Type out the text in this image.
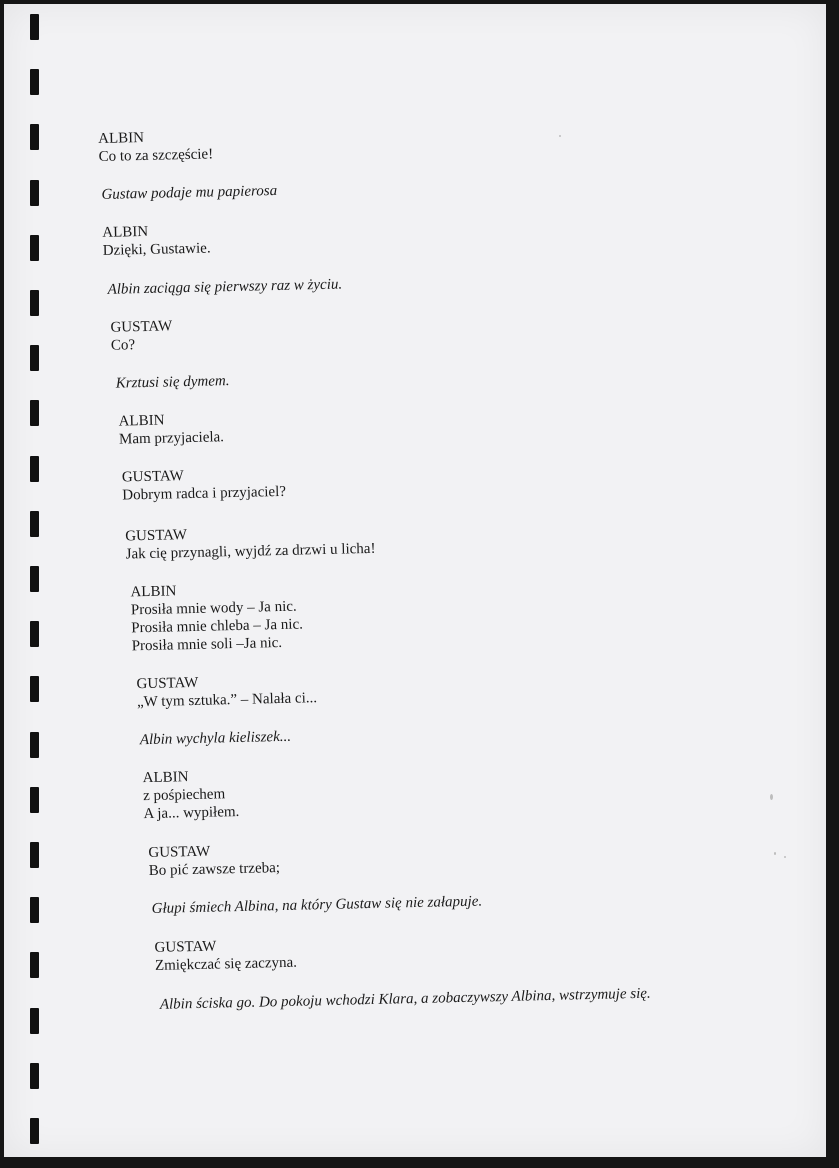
ALBIN
Co to za szczęście!
Gustaw podaje mu papierosa
ALBIN
Dzięki, Gustawie.
Albin zaciąga się pierwszy raz w życiu.
GUSTAW
Co?
Krztusi się dymem.
ALBIN
Mam przyjaciela.
GUSTAW
Dobrym radca i przyjaciel?
GUSTAW
Jak cię przynagli, wyjdź za drzwi u licha!
ALBIN
Prosiła mnie wody – Ja nic.
Prosiła mnie chleba – Ja nic.
Prosiła mnie soli –Ja nic.
GUSTAW
„W tym sztuka.” – Nalała ci...
Albin wychyla kieliszek...
ALBIN
z pośpiechem
A ja... wypiłem.
GUSTAW
Bo pić zawsze trzeba;
Głupi śmiech Albina, na który Gustaw się nie załapuje.
GUSTAW
Zmiękczać się zaczyna.
Albin ściska go. Do pokoju wchodzi Klara, a zobaczywszy Albina, wstrzymuje się.
